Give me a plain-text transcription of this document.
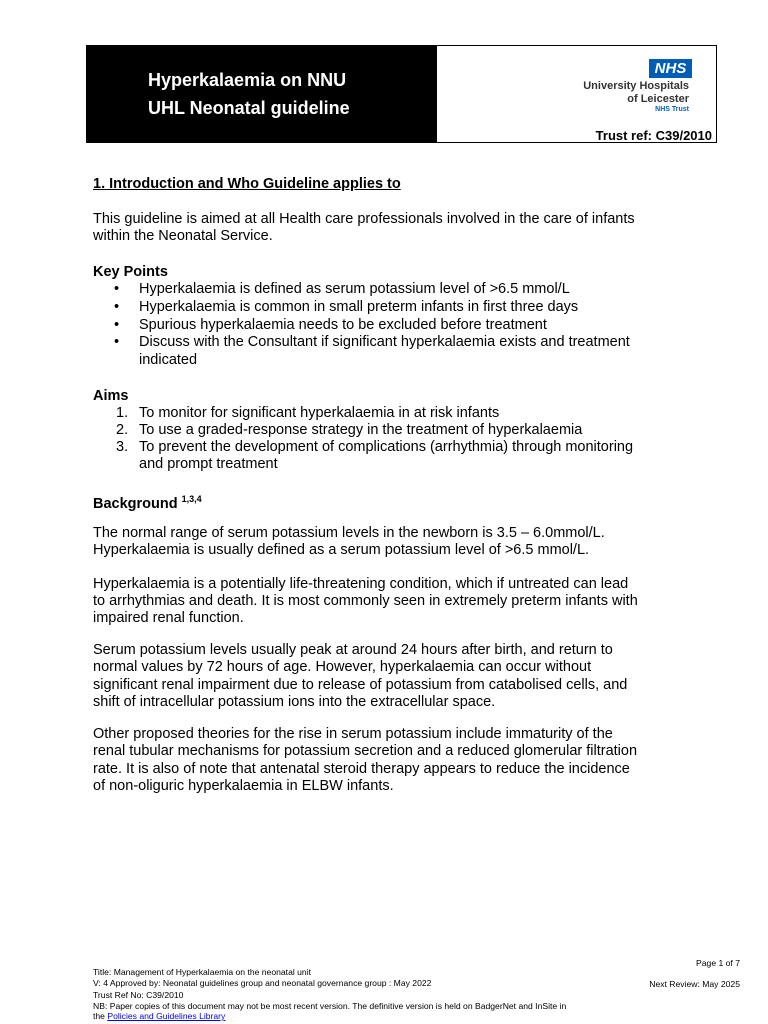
Hyperkalaemia on NNU
UHL Neonatal guideline
NHS
University Hospitals
of Leicester
NHS Trust
Trust ref: C39/2010
1. Introduction and Who Guideline applies to
This guideline is aimed at all Health care professionals involved in the care of infants
within the Neonatal Service.
Key Points
• Hyperkalaemia is defined as serum potassium level of >6.5 mmol/L
• Hyperkalaemia is common in small preterm infants in first three days
• Spurious hyperkalaemia needs to be excluded before treatment
• Discuss with the Consultant if significant hyperkalaemia exists and treatment
indicated
Aims
1. To monitor for significant hyperkalaemia in at risk infants
2. To use a graded-response strategy in the treatment of hyperkalaemia
3. To prevent the development of complications (arrhythmia) through monitoring
and prompt treatment
Background $^{1,3,4}$
The normal range of serum potassium levels in the newborn is 3.5 – 6.0mmol/L.
Hyperkalaemia is usually defined as a serum potassium level of >6.5 mmol/L.
Hyperkalaemia is a potentially life-threatening condition, which if untreated can lead
to arrhythmias and death. It is most commonly seen in extremely preterm infants with
impaired renal function.
Serum potassium levels usually peak at around 24 hours after birth, and return to
normal values by 72 hours of age. However, hyperkalaemia can occur without
significant renal impairment due to release of potassium from catabolised cells, and
shift of intracellular potassium ions into the extracellular space.
Other proposed theories for the rise in serum potassium include immaturity of the
renal tubular mechanisms for potassium secretion and a reduced glomerular filtration
rate. It is also of note that antenatal steroid therapy appears to reduce the incidence
of non-oliguric hyperkalaemia in ELBW infants.
Page 1 of 7
Title: Management of Hyperkalaemia on the neonatal unit
V: 4 Approved by: Neonatal guidelines group and neonatal governance group : May 2022	Next Review: May 2025
Trust Ref No: C39/2010
NB: Paper copies of this document may not be most recent version. The definitive version is held on BadgerNet and InSite in
the Policies and Guidelines Library
